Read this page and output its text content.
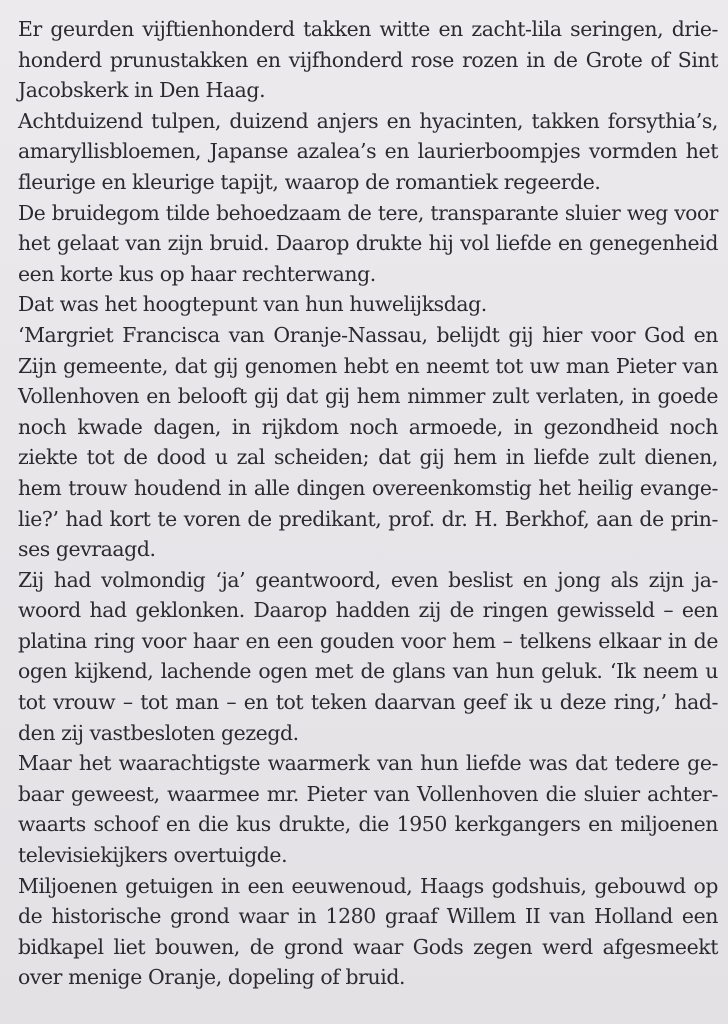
Er geurden vijftienhonderd takken witte en zacht-lila seringen, drie-
honderd prunustakken en vijfhonderd rose rozen in de Grote of Sint
Jacobskerk in Den Haag.
Achtduizend tulpen, duizend anjers en hyacinten, takken forsythia’s,
amaryllisbloemen, Japanse azalea’s en laurierboompjes vormden het
fleurige en kleurige tapijt, waarop de romantiek regeerde.
De bruidegom tilde behoedzaam de tere, transparante sluier weg voor
het gelaat van zijn bruid. Daarop drukte hij vol liefde en genegenheid
een korte kus op haar rechterwang.
Dat was het hoogtepunt van hun huwelijksdag.
‘Margriet Francisca van Oranje-Nassau, belijdt gij hier voor God en
Zijn gemeente, dat gij genomen hebt en neemt tot uw man Pieter van
Vollenhoven en belooft gij dat gij hem nimmer zult verlaten, in goede
noch kwade dagen, in rijkdom noch armoede, in gezondheid noch
ziekte tot de dood u zal scheiden; dat gij hem in liefde zult dienen,
hem trouw houdend in alle dingen overeenkomstig het heilig evange-
lie?’ had kort te voren de predikant, prof. dr. H. Berkhof, aan de prin-
ses gevraagd.
Zij had volmondig ‘ja’ geantwoord, even beslist en jong als zijn ja-
woord had geklonken. Daarop hadden zij de ringen gewisseld – een
platina ring voor haar en een gouden voor hem – telkens elkaar in de
ogen kijkend, lachende ogen met de glans van hun geluk. ‘Ik neem u
tot vrouw – tot man – en tot teken daarvan geef ik u deze ring,’ had-
den zij vastbesloten gezegd.
Maar het waarachtigste waarmerk van hun liefde was dat tedere ge-
baar geweest, waarmee mr. Pieter van Vollenhoven die sluier achter-
waarts schoof en die kus drukte, die 1950 kerkgangers en miljoenen
televisiekijkers overtuigde.
Miljoenen getuigen in een eeuwenoud, Haags godshuis, gebouwd op
de historische grond waar in 1280 graaf Willem II van Holland een
bidkapel liet bouwen, de grond waar Gods zegen werd afgesmeekt
over menige Oranje, dopeling of bruid.
